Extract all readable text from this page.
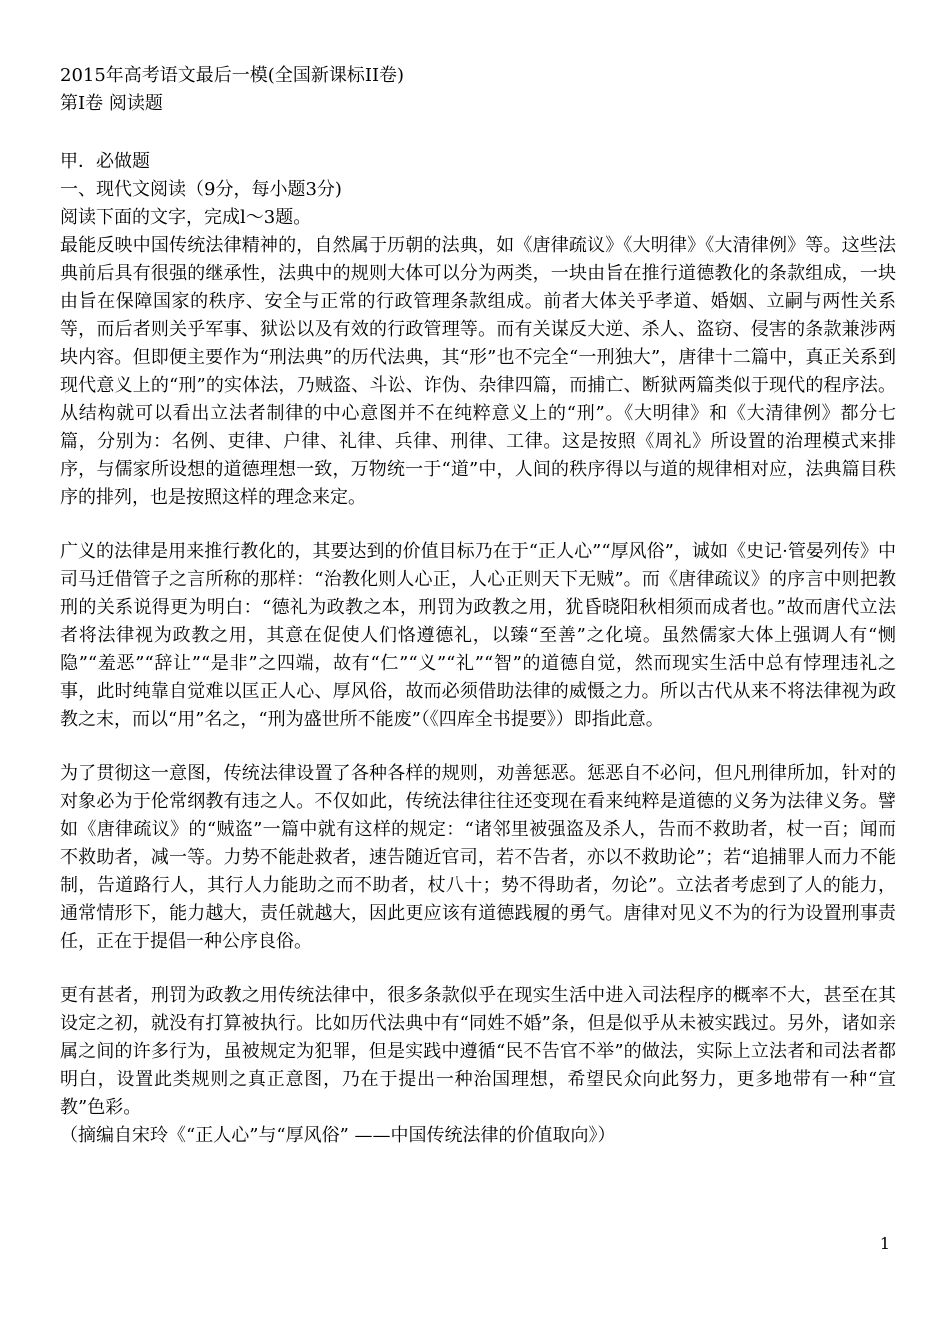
2015年高考语文最后一模(全国新课标II卷)

第Ⅰ卷 阅读题

甲．必做题

一、现代文阅读（9分，每小题3分)

阅读下面的文字，完成l～3题。

最能反映中国传统法律精神的，自然属于历朝的法典，如《唐律疏议》《大明律》《大清律例》等。这些法典前后具有很强的继承性，法典中的规则大体可以分为两类，一块由旨在推行道德教化的条款组成，一块由旨在保障国家的秩序、安全与正常的行政管理条款组成。前者大体关乎孝道、婚姻、立嗣与两性关系等，而后者则关乎军事、狱讼以及有效的行政管理等。而有关谋反大逆、杀人、盗窃、侵害的条款兼涉两块内容。但即便主要作为“刑法典”的历代法典，其“形”也不完全“一刑独大”，唐律十二篇中，真正关系到现代意义上的“刑”的实体法，乃贼盗、斗讼、诈伪、杂律四篇，而捕亡、断狱两篇类似于现代的程序法。从结构就可以看出立法者制律的中心意图并不在纯粹意义上的“刑”。《大明律》和《大清律例》都分七篇，分别为：名例、吏律、户律、礼律、兵律、刑律、工律。这是按照《周礼》所设置的治理模式来排序，与儒家所设想的道德理想一致，万物统一于“道”中，人间的秩序得以与道的规律相对应，法典篇目秩序的排列，也是按照这样的理念来定。

广义的法律是用来推行教化的，其要达到的价值目标乃在于“正人心”“厚风俗”，诚如《史记·管晏列传》中司马迁借管子之言所称的那样：“治教化则人心正，人心正则天下无贼”。而《唐律疏议》的序言中则把教刑的关系说得更为明白：“德礼为政教之本，刑罚为政教之用，犹昏晓阳秋相须而成者也。”故而唐代立法者将法律视为政教之用，其意在促使人们恪遵德礼，以臻“至善”之化境。虽然儒家大体上强调人有“恻隐”“羞恶”“辞让”“是非”之四端，故有“仁”“义”“礼”“智”的道德自觉，然而现实生活中总有悖理违礼之事，此时纯靠自觉难以匡正人心、厚风俗，故而必须借助法律的威慑之力。所以古代从来不将法律视为政教之末，而以“用”名之，“刑为盛世所不能废”（《四库全书提要》）即指此意。

为了贯彻这一意图，传统法律设置了各种各样的规则，劝善惩恶。惩恶自不必问，但凡刑律所加，针对的对象必为于伦常纲教有违之人。不仅如此，传统法律往往还变现在看来纯粹是道德的义务为法律义务。譬如《唐律疏议》的“贼盗”一篇中就有这样的规定：“诸邻里被强盗及杀人，告而不救助者，杖一百；闻而不救助者，减一等。力势不能赴救者，速告随近官司，若不告者，亦以不救助论”；若“追捕罪人而力不能制，告道路行人，其行人力能助之而不助者，杖八十；势不得助者，勿论”。立法者考虑到了人的能力，通常情形下，能力越大，责任就越大，因此更应该有道德践履的勇气。唐律对见义不为的行为设置刑事责任，正在于提倡一种公序良俗。

更有甚者，刑罚为政教之用传统法律中，很多条款似乎在现实生活中进入司法程序的概率不大，甚至在其设定之初，就没有打算被执行。比如历代法典中有“同姓不婚”条，但是似乎从未被实践过。另外，诸如亲属之间的许多行为，虽被规定为犯罪，但是实践中遵循“民不告官不举”的做法，实际上立法者和司法者都明白，设置此类规则之真正意图，乃在于提出一种治国理想，希望民众向此努力，更多地带有一种“宣教”色彩。

（摘编自宋玲《“正人心”与“厚风俗” ——中国传统法律的价值取向》）

1
